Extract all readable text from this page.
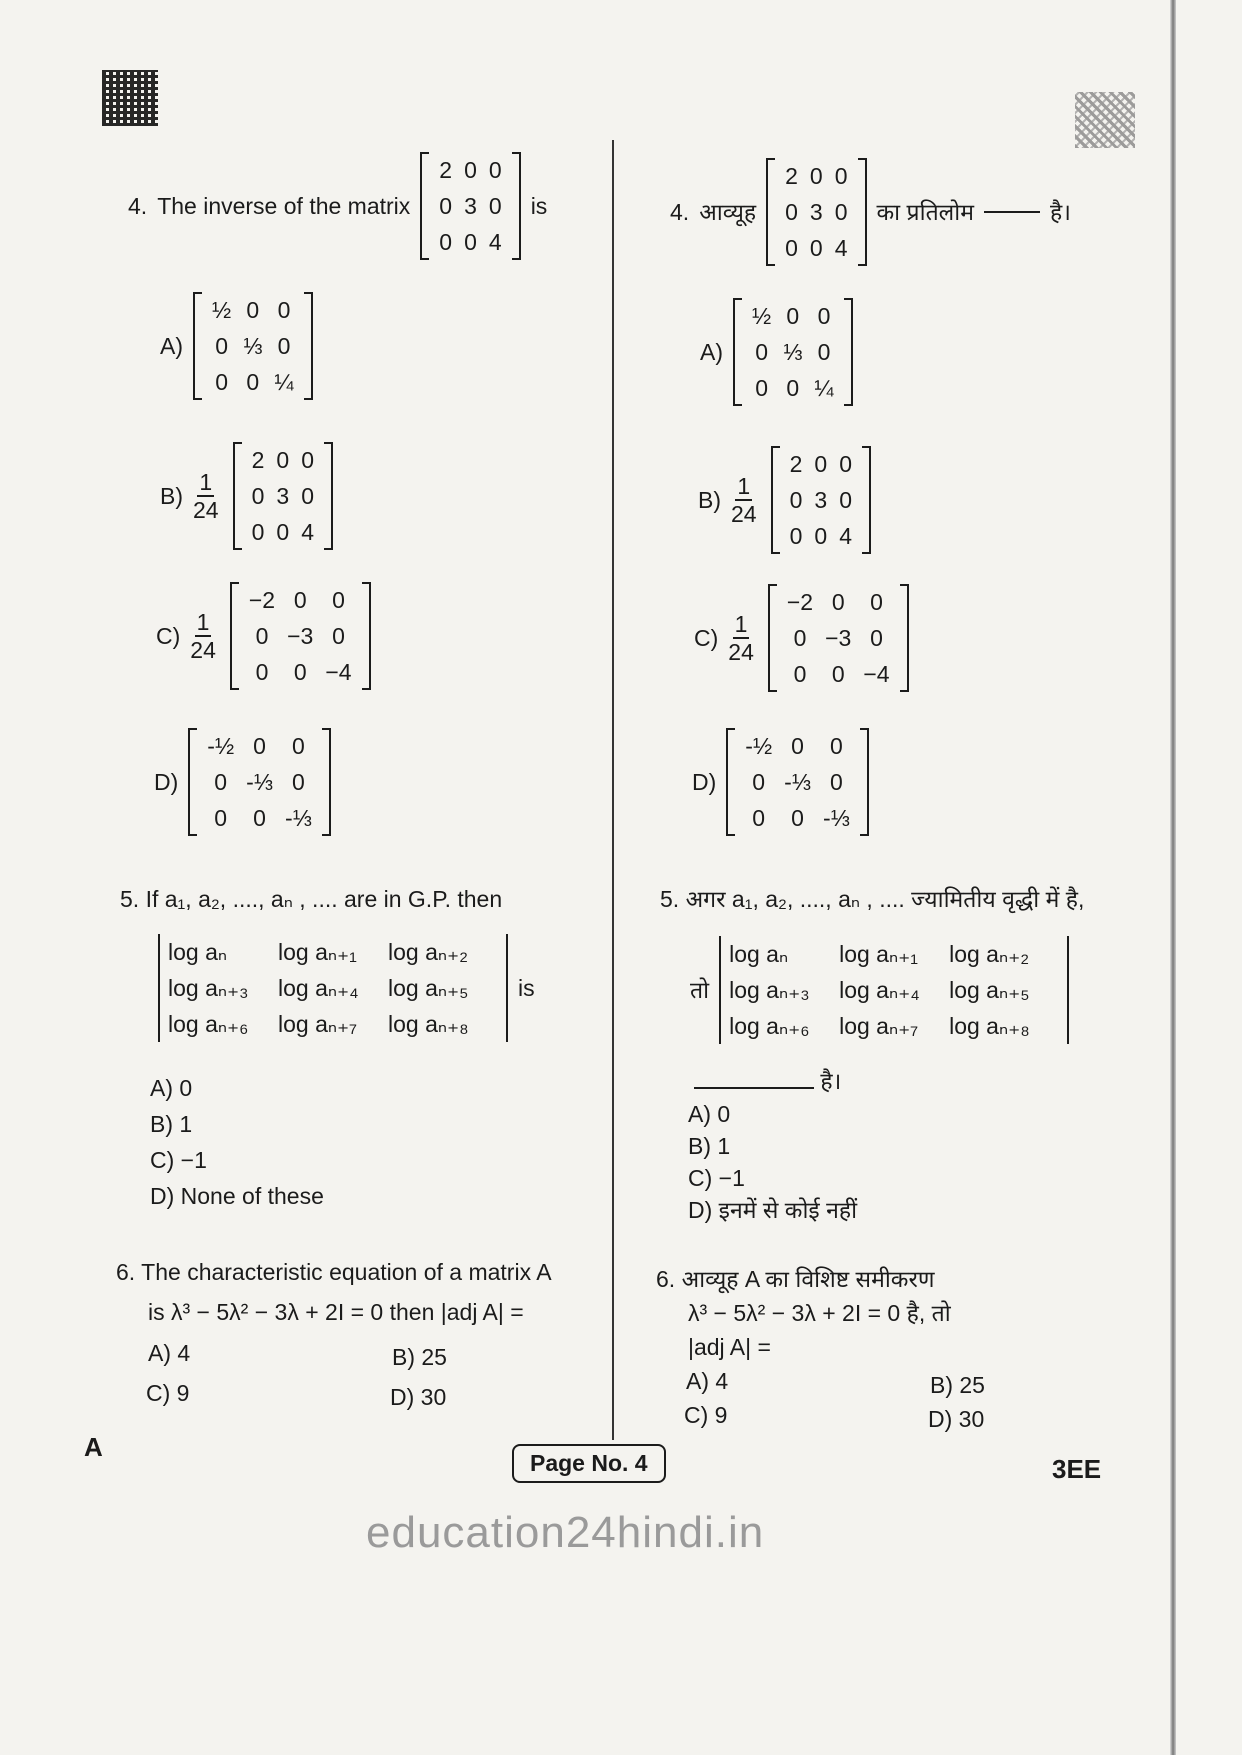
4. The inverse of the matrix
2 0 0
0 3 0
0 0 4
is
A)
½ 0 0
0 ⅓ 0
0 0 ¼
$B) \frac{1}{24}$
2 0 0
0 3 0
0 0 4
$C) \frac{1}{24}$
−2 0	0
0 −3 0
0	0 −4
D)
-½ 0	0
0 -⅓ 0
0	0 -⅓
5. If a₁, a₂, ...., aₙ , .... are in G.P. then
log aₙ	log aₙ₊₁	log aₙ₊₂
log aₙ₊₃	log aₙ₊₄	log aₙ₊₅
log aₙ₊₆	log aₙ₊₇	log aₙ₊₈
is
A) 0
B) 1
C) −1
D) None of these
6. The characteristic equation of a matrix A
is λ³ − 5λ² − 3λ + 2I = 0 then |adj A| =
A) 4	B) 25
C) 9	D) 30
4. आव्यूह
2 0 0
0 3 0
0 0 4
का प्रतिलोम	है।
A)
½ 0 0
0 ⅓ 0
0 0 ¼
$B) \frac{1}{24}$
2 0 0
0 3 0
0 0 4
$C) \frac{1}{24}$
−2 0	0
0 −3 0
0	0 −4
D)
-½ 0	0
0 -⅓ 0
0	0 -⅓
5. अगर a₁, a₂, ...., aₙ , .... ज्यामितीय वृद्धी में है,
तो
log aₙ	log aₙ₊₁	log aₙ₊₂
log aₙ₊₃	log aₙ₊₄	log aₙ₊₅
log aₙ₊₆	log aₙ₊₇	log aₙ₊₈
है।
A) 0
B) 1
C) −1
D) इनमें से कोई नहीं
6. आव्यूह A का विशिष्ट समीकरण
λ³ − 5λ² − 3λ + 2I = 0 है, तो
|adj A| =
A) 4	B) 25
C) 9	D) 30
A
Page No. 4	3EE
education24hindi.in
